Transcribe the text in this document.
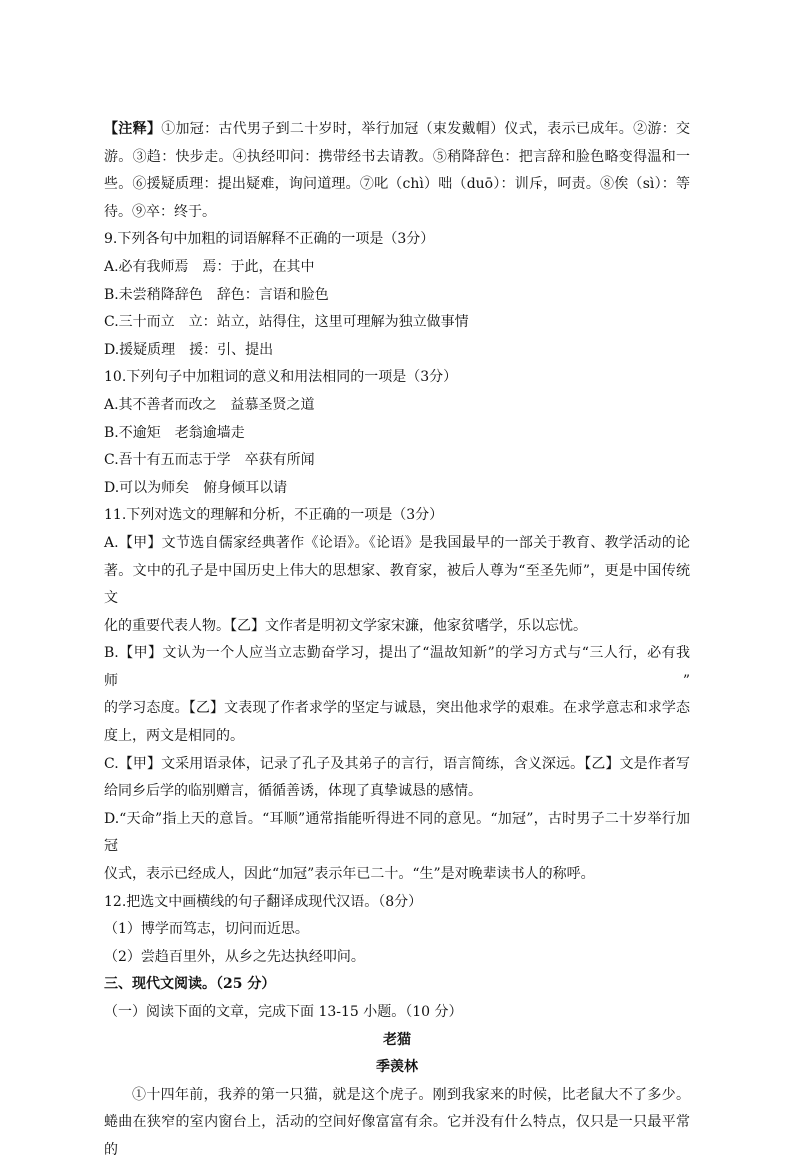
【注释】①加冠：古代男子到二十岁时，举行加冠（束发戴帽）仪式，表示已成年。②游：交

游。③趋：快步走。④执经叩问：携带经书去请教。⑤稍降辞色：把言辞和脸色略变得温和一

些。⑥援疑质理：提出疑难，询问道理。⑦叱（chì）咄（duō）：训斥，呵责。⑧俟（sì）：等

待。⑨卒：终于。

9.下列各句中加粗的词语解释不正确的一项是（3分）

A.必有我师焉　焉：于此，在其中

B.未尝稍降辞色　辞色：言语和脸色

C.三十而立　立：站立，站得住，这里可理解为独立做事情

D.援疑质理　援：引、提出

10.下列句子中加粗词的意义和用法相同的一项是（3分）

A.其不善者而改之　益慕圣贤之道

B.不逾矩　老翁逾墙走

C.吾十有五而志于学　卒获有所闻

D.可以为师矣　俯身倾耳以请

11.下列对选文的理解和分析，不正确的一项是（3分）

A.【甲】文节选自儒家经典著作《论语》。《论语》是我国最早的一部关于教育、教学活动的论

著。文中的孔子是中国历史上伟大的思想家、教育家，被后人尊为“至圣先师”，更是中国传统文

化的重要代表人物。【乙】文作者是明初文学家宋濂，他家贫嗜学，乐以忘忧。

B.【甲】文认为一个人应当立志勤奋学习，提出了“温故知新”的学习方式与“三人行，必有我师”

的学习态度。【乙】文表现了作者求学的坚定与诚恳，突出他求学的艰难。在求学意志和求学态

度上，两文是相同的。

C.【甲】文采用语录体，记录了孔子及其弟子的言行，语言简练，含义深远。【乙】文是作者写

给同乡后学的临别赠言，循循善诱，体现了真挚诚恳的感情。

D.“天命”指上天的意旨。“耳顺”通常指能听得进不同的意见。“加冠”，古时男子二十岁举行加冠

仪式，表示已经成人，因此“加冠”表示年已二十。“生”是对晚辈读书人的称呼。

12.把选文中画横线的句子翻译成现代汉语。（8分）

（1）博学而笃志，切问而近思。

（2）尝趋百里外，从乡之先达执经叩问。

三、现代文阅读。（25 分）

（一）阅读下面的文章，完成下面 13-15 小题。（10 分）

老猫

季羡林

①十四年前，我养的第一只猫，就是这个虎子。刚到我家来的时候，比老鼠大不了多少。

蜷曲在狭窄的室内窗台上，活动的空间好像富富有余。它并没有什么特点，仅只是一只最平常的
